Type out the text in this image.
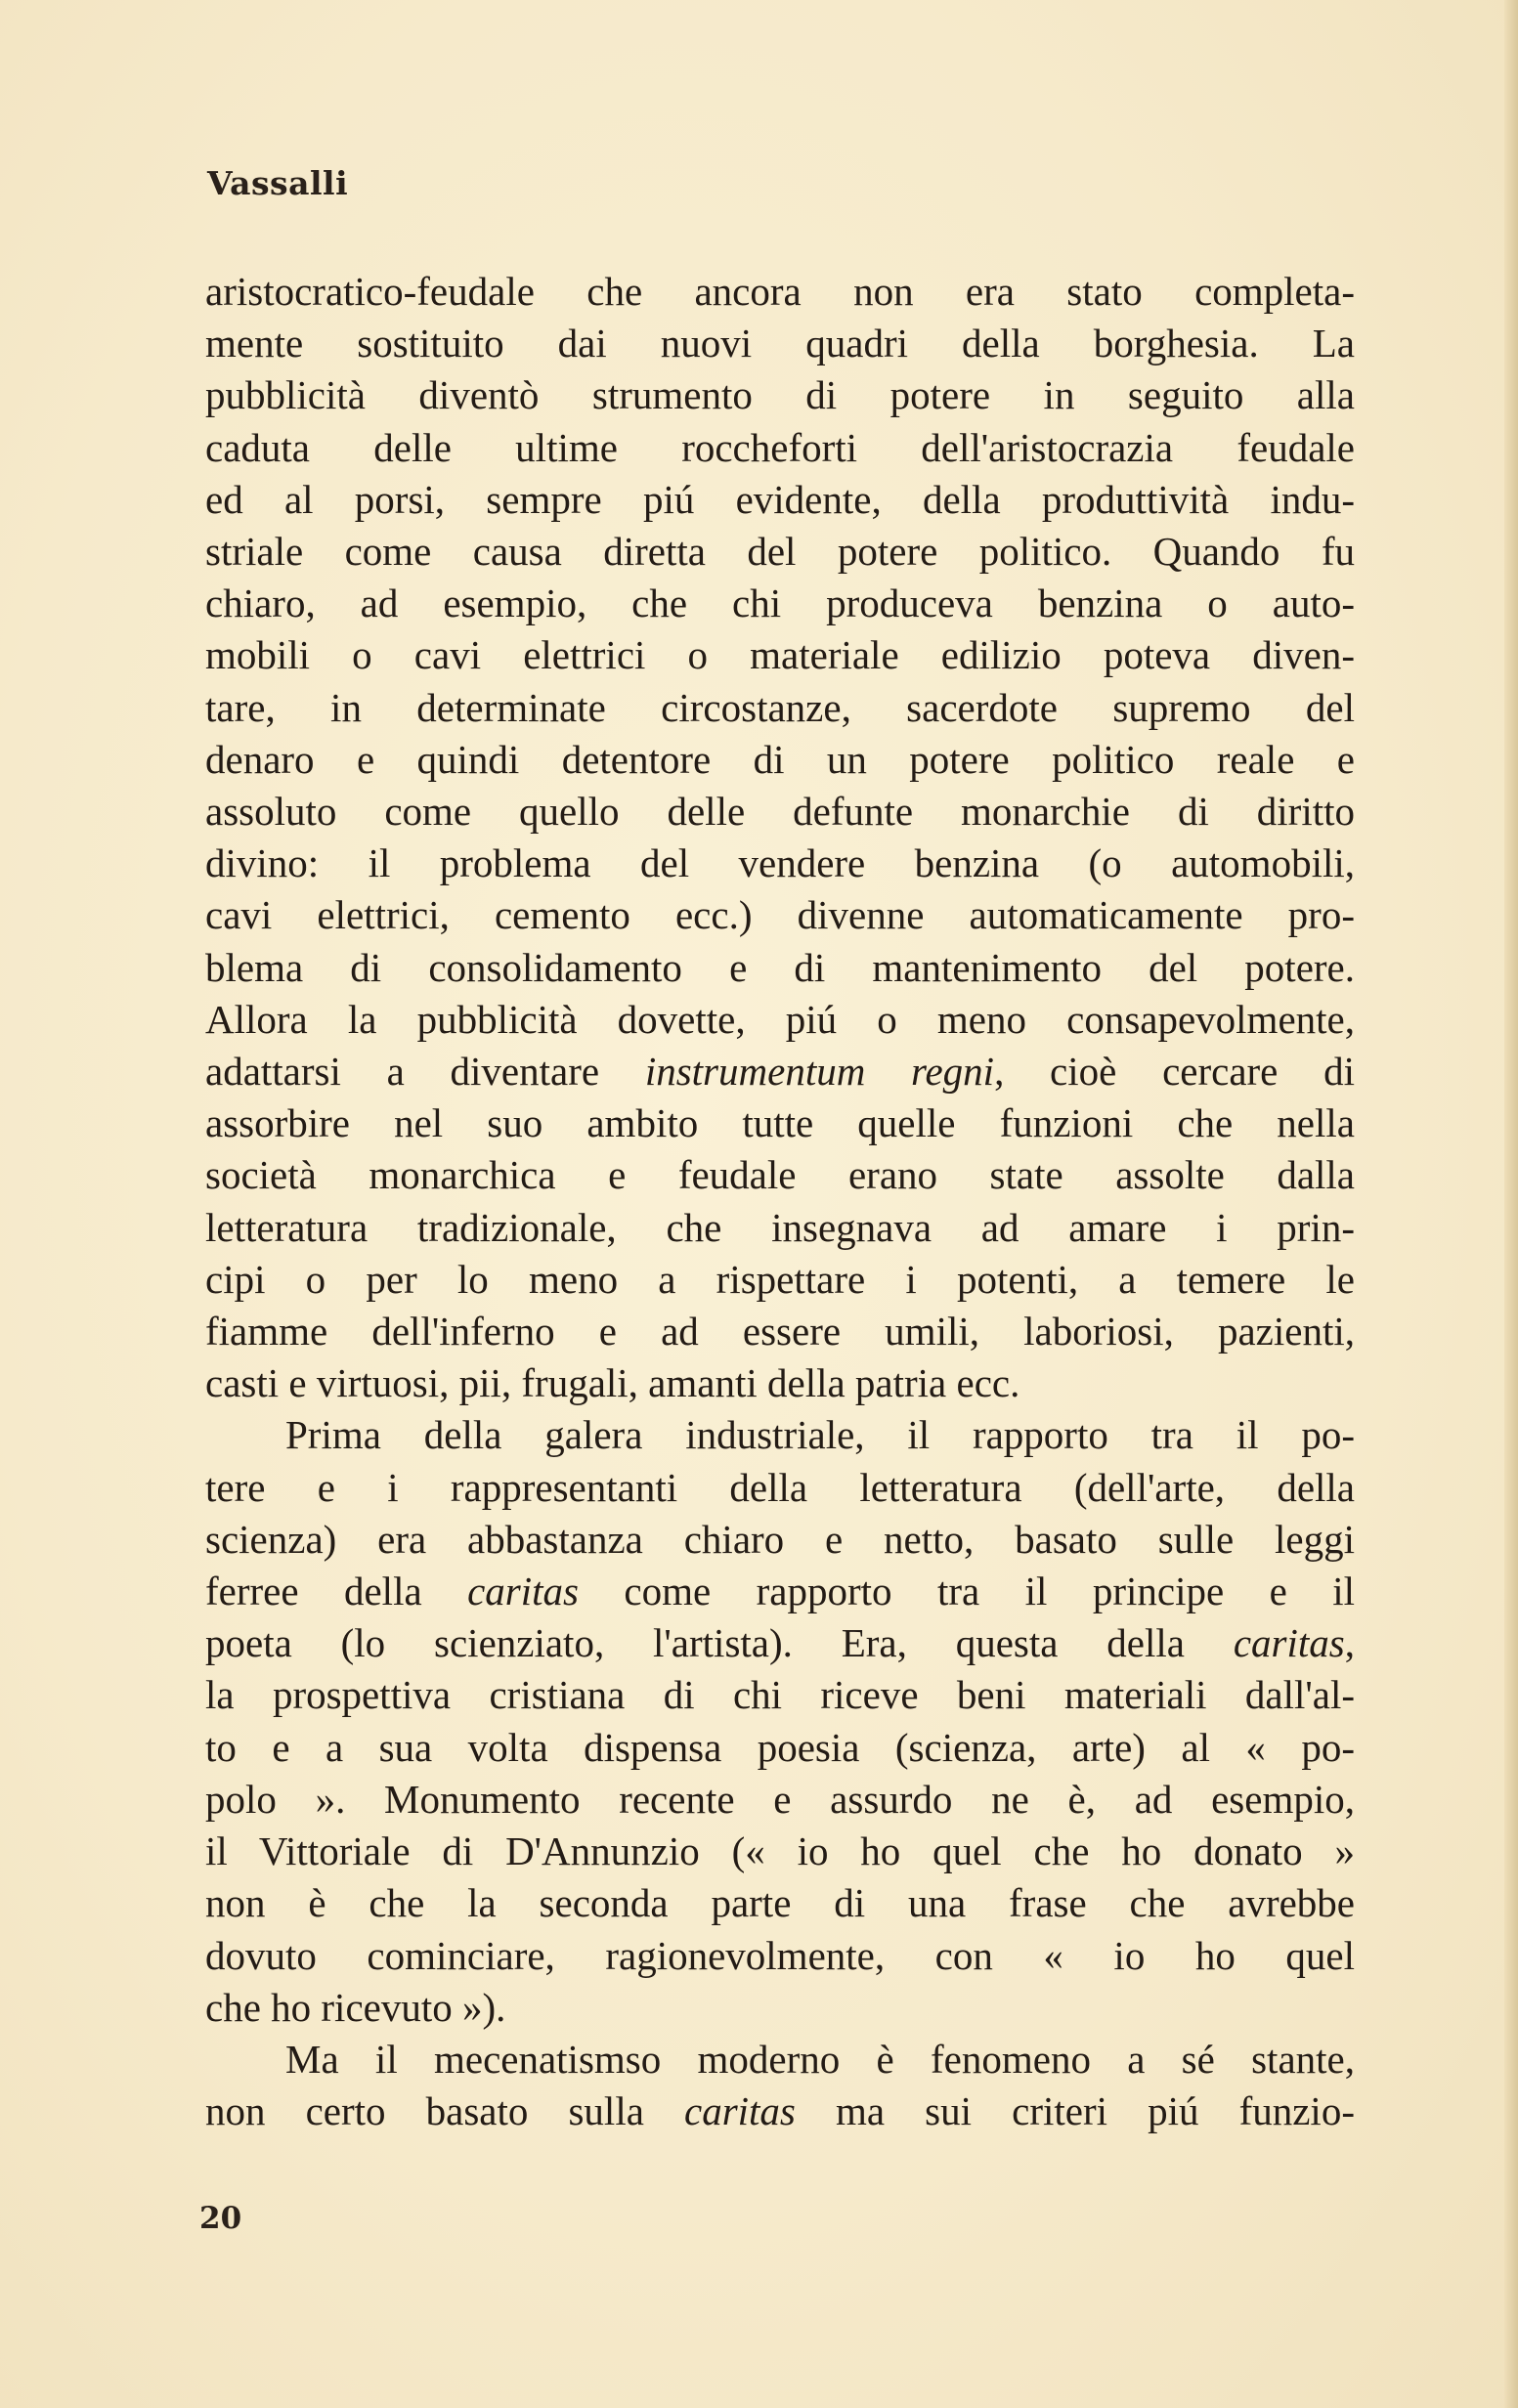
Vassalli
aristocratico-feudale che ancora non era stato completa-
mente sostituito dai nuovi quadri della borghesia. La
pubblicità diventò strumento di potere in seguito alla
caduta delle ultime roccheforti dell'aristocrazia feudale
ed al porsi, sempre piú evidente, della produttività indu-
striale come causa diretta del potere politico. Quando fu
chiaro, ad esempio, che chi produceva benzina o auto-
mobili o cavi elettrici o materiale edilizio poteva diven-
tare, in determinate circostanze, sacerdote supremo del
denaro e quindi detentore di un potere politico reale e
assoluto come quello delle defunte monarchie di diritto
divino: il problema del vendere benzina (o automobili,
cavi elettrici, cemento ecc.) divenne automaticamente pro-
blema di consolidamento e di mantenimento del potere.
Allora la pubblicità dovette, piú o meno consapevolmente,
adattarsi a diventare instrumentum regni, cioè cercare di
assorbire nel suo ambito tutte quelle funzioni che nella
società monarchica e feudale erano state assolte dalla
letteratura tradizionale, che insegnava ad amare i prin-
cipi o per lo meno a rispettare i potenti, a temere le
fiamme dell'inferno e ad essere umili, laboriosi, pazienti,
casti e virtuosi, pii, frugali, amanti della patria ecc.
Prima della galera industriale, il rapporto tra il po-
tere e i rappresentanti della letteratura (dell'arte, della
scienza) era abbastanza chiaro e netto, basato sulle leggi
ferree della caritas come rapporto tra il principe e il
poeta (lo scienziato, l'artista). Era, questa della caritas,
la prospettiva cristiana di chi riceve beni materiali dall'al-
to e a sua volta dispensa poesia (scienza, arte) al « po-
polo ». Monumento recente e assurdo ne è, ad esempio,
il Vittoriale di D'Annunzio (« io ho quel che ho donato »
non è che la seconda parte di una frase che avrebbe
dovuto cominciare, ragionevolmente, con « io ho quel
che ho ricevuto »).
Ma il mecenatismso moderno è fenomeno a sé stante,
non certo basato sulla caritas ma sui criteri piú funzio-
20
